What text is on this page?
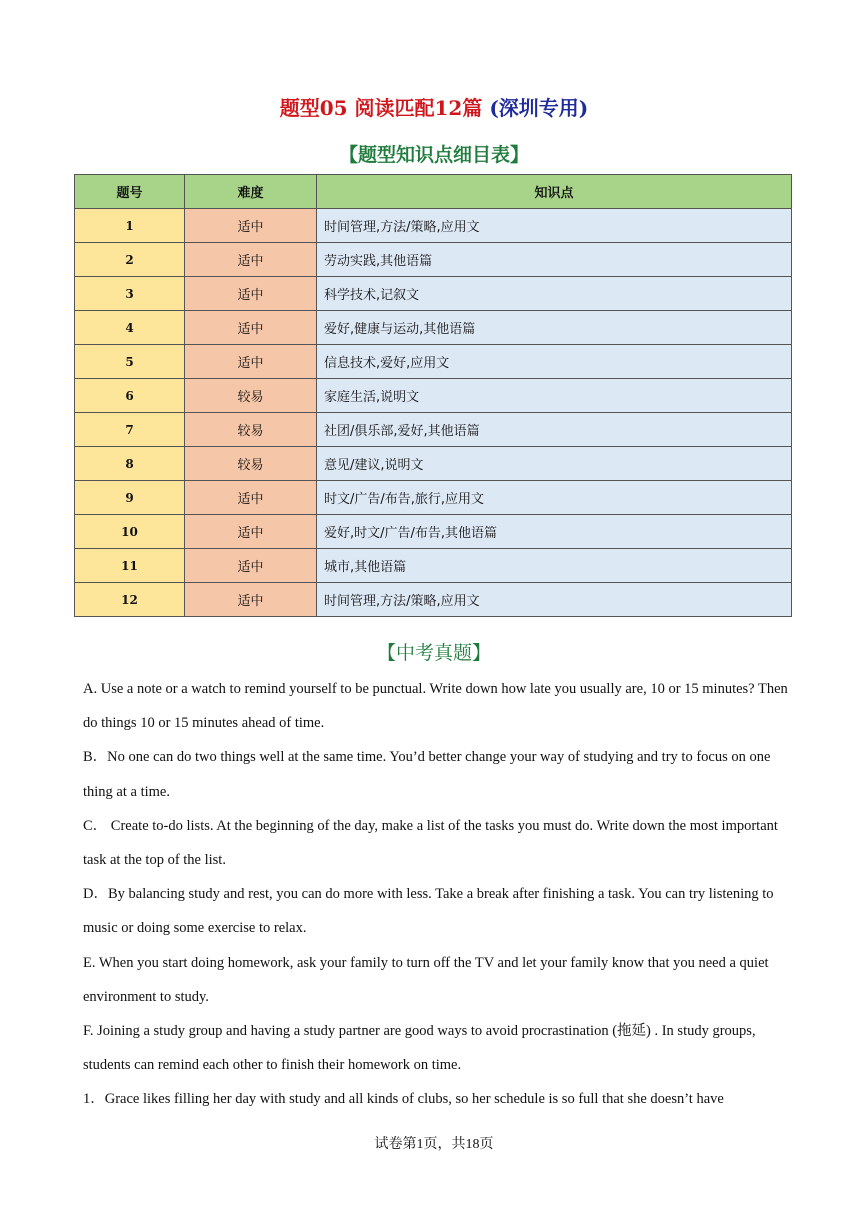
题型05 阅读匹配12篇 (深圳专用)
【题型知识点细目表】
题号	难度	知识点
1	适中	时间管理,方法/策略,应用文
2	适中	劳动实践,其他语篇
3	适中	科学技术,记叙文
4	适中	爱好,健康与运动,其他语篇
5	适中	信息技术,爱好,应用文
6	较易	家庭生活,说明文
7	较易	社团/俱乐部,爱好,其他语篇
8	较易	意见/建议,说明文
9	适中	时文/广告/布告,旅行,应用文
10	适中	爱好,时文/广告/布告,其他语篇
11	适中	城市,其他语篇
12	适中	时间管理,方法/策略,应用文
【中考真题】

A. Use a note or a watch to remind yourself to be punctual. Write down how late you usually are, 10 or 15 minutes? Then do things 10 or 15 minutes ahead of time.

B．No one can do two things well at the same time. You’d better change your way of studying and try to focus on one thing at a time.

C． Create to-do lists. At the beginning of the day, make a list of the tasks you must do. Write down the most important task at the top of the list.

D．By balancing study and rest, you can do more with less. Take a break after finishing a task. You can try listening to music or doing some exercise to relax.

E. When you start doing homework, ask your family to turn off the TV and let your family know that you need a quiet environment to study.

F. Joining a study group and having a study partner are good ways to avoid procrastination (拖延) . In study groups, students can remind each other to finish their homework on time.

1．Grace likes filling her day with study and all kinds of clubs, so her schedule is so full that she doesn’t have

试卷第1页，共18页
